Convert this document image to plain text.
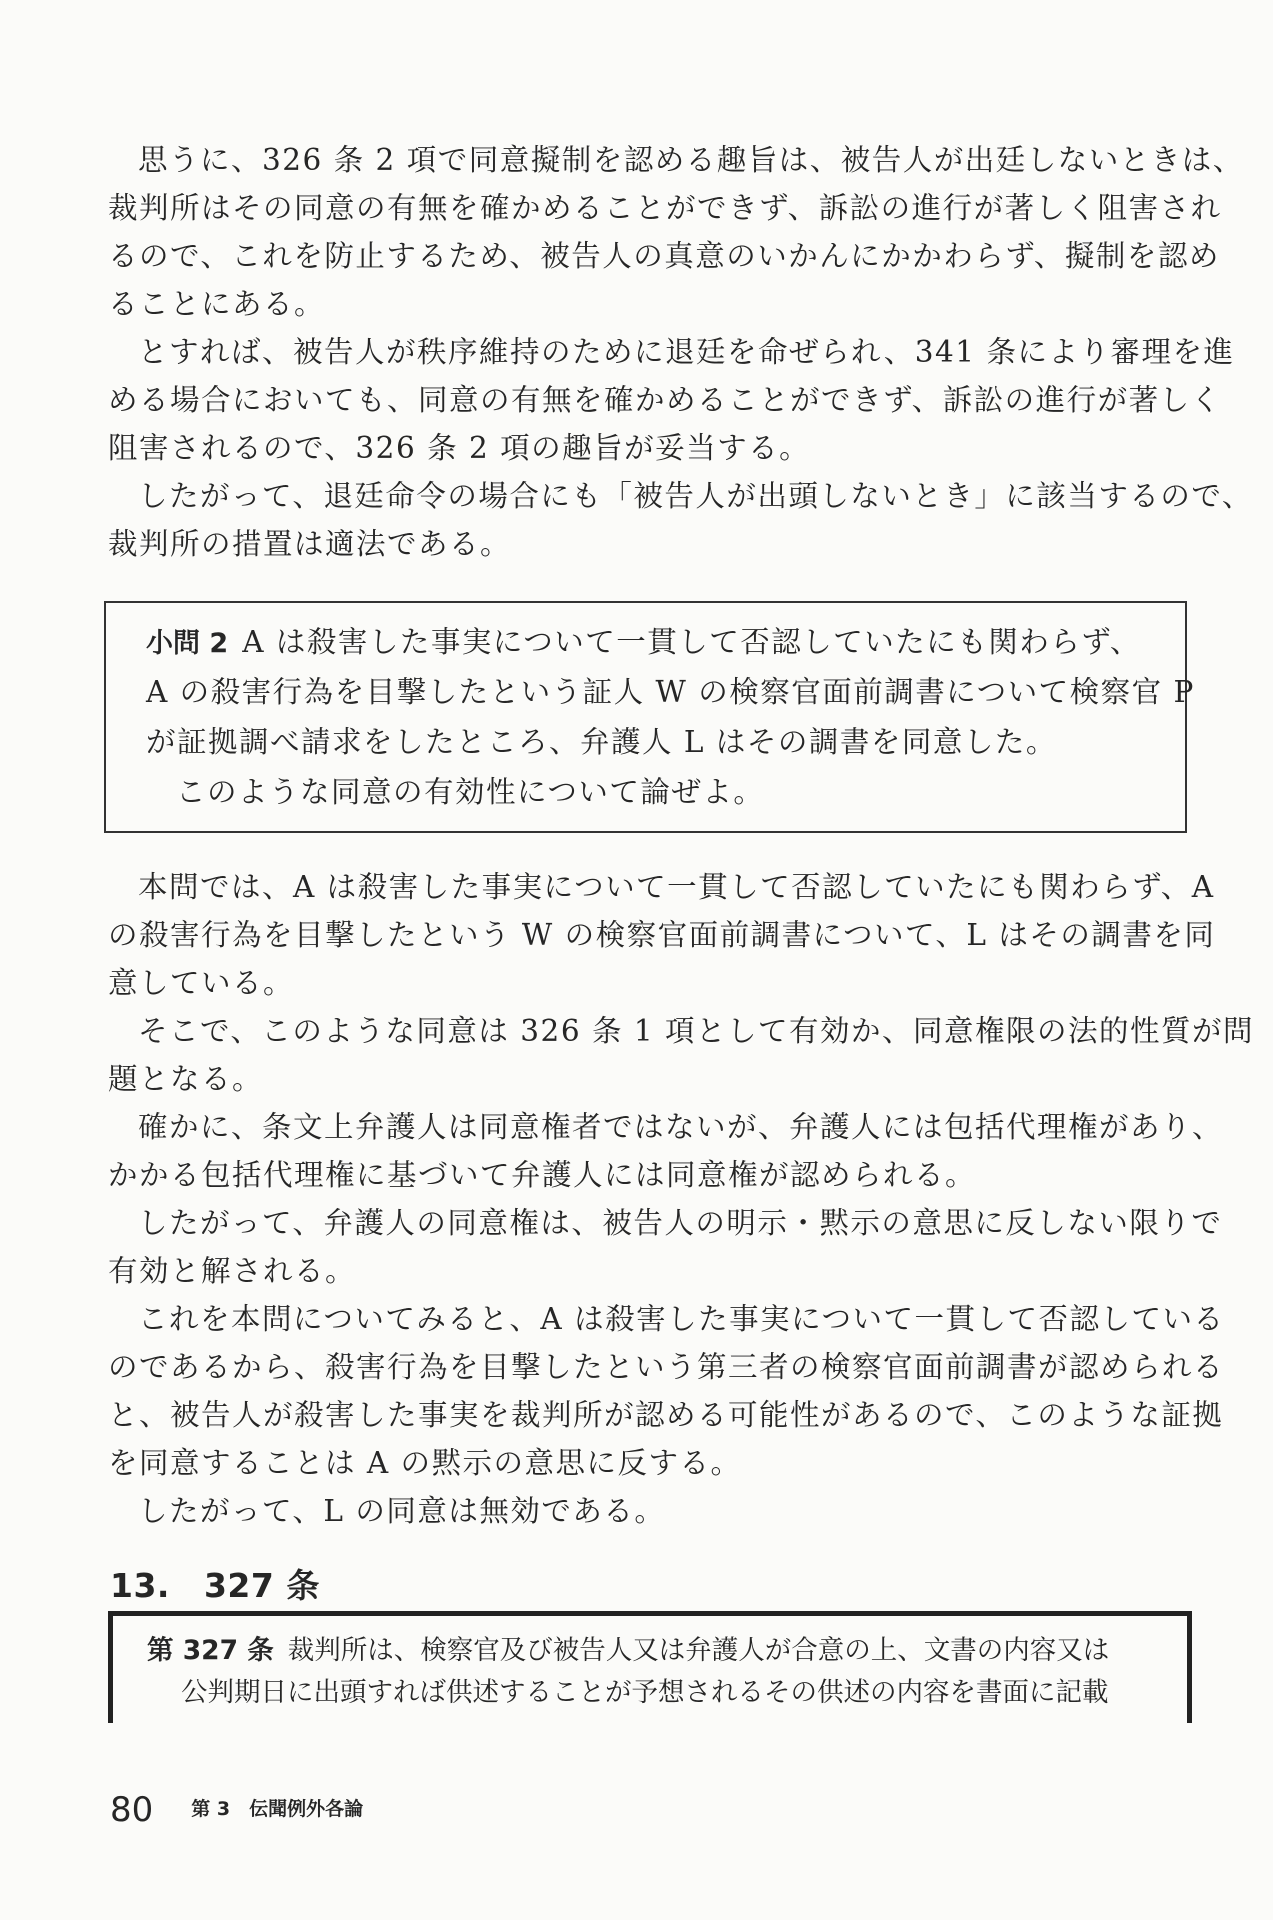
思うに、326 条 2 項で同意擬制を認める趣旨は、被告人が出廷しないときは、
裁判所はその同意の有無を確かめることができず、訴訟の進行が著しく阻害され
るので、これを防止するため、被告人の真意のいかんにかかわらず、擬制を認め
ることにある。
とすれば、被告人が秩序維持のために退廷を命ぜられ、341 条により審理を進
める場合においても、同意の有無を確かめることができず、訴訟の進行が著しく
阻害されるので、326 条 2 項の趣旨が妥当する。
したがって、退廷命令の場合にも「被告人が出頭しないとき」に該当するので、
裁判所の措置は適法である。
小問 2 A は殺害した事実について一貫して否認していたにも関わらず、
A の殺害行為を目撃したという証人 W の検察官面前調書について検察官 P
が証拠調べ請求をしたところ、弁護人 L はその調書を同意した。
このような同意の有効性について論ぜよ。
本問では、A は殺害した事実について一貫して否認していたにも関わらず、A
の殺害行為を目撃したという W の検察官面前調書について、L はその調書を同
意している。
そこで、このような同意は 326 条 1 項として有効か、同意権限の法的性質が問
題となる。
確かに、条文上弁護人は同意権者ではないが、弁護人には包括代理権があり、
かかる包括代理権に基づいて弁護人には同意権が認められる。
したがって、弁護人の同意権は、被告人の明示・黙示の意思に反しない限りで
有効と解される。
これを本問についてみると、A は殺害した事実について一貫して否認している
のであるから、殺害行為を目撃したという第三者の検察官面前調書が認められる
と、被告人が殺害した事実を裁判所が認める可能性があるので、このような証拠
を同意することは A の黙示の意思に反する。
したがって、L の同意は無効である。
13. 327 条
第 327 条 裁判所は、検察官及び被告人又は弁護人が合意の上、文書の内容又は
公判期日に出頭すれば供述することが予想されるその供述の内容を書面に記載
80 第 3　伝聞例外各論
